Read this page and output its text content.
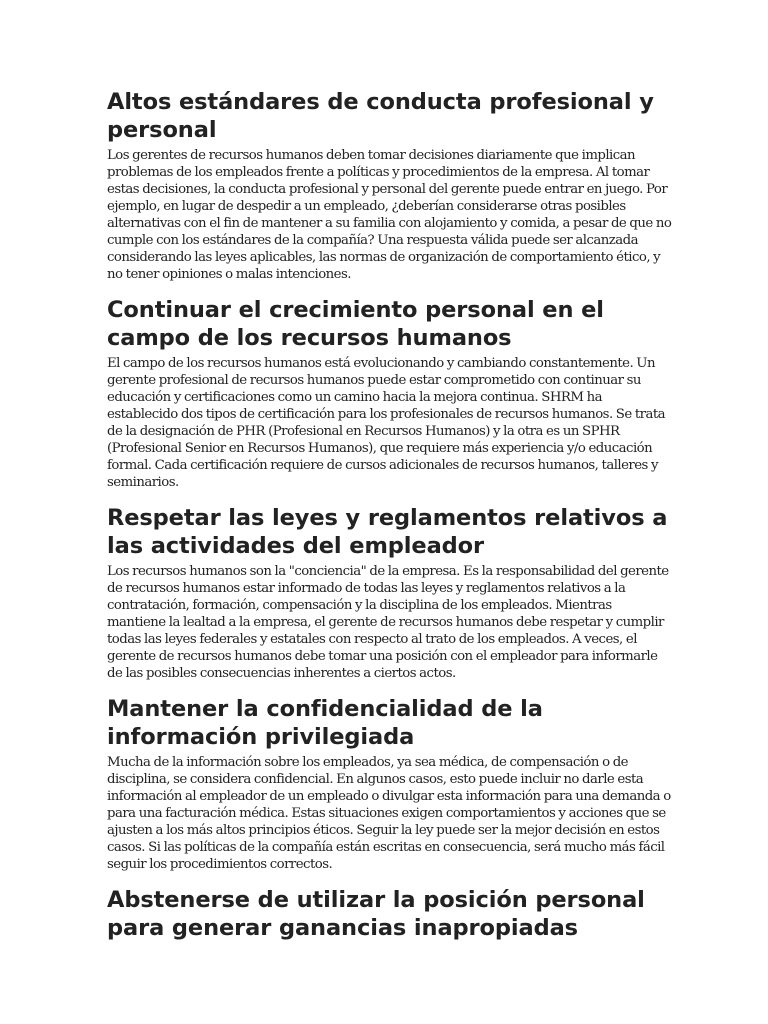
Altos estándares de conducta profesional y personal

Los gerentes de recursos humanos deben tomar decisiones diariamente que implican problemas de los empleados frente a políticas y procedimientos de la empresa. Al tomar estas decisiones, la conducta profesional y personal del gerente puede entrar en juego. Por ejemplo, en lugar de despedir a un empleado, ¿deberían considerarse otras posibles alternativas con el fin de mantener a su familia con alojamiento y comida, a pesar de que no cumple con los estándares de la compañía? Una respuesta válida puede ser alcanzada considerando las leyes aplicables, las normas de organización de comportamiento ético, y no tener opiniones o malas intenciones.

Continuar el crecimiento personal en el campo de los recursos humanos

El campo de los recursos humanos está evolucionando y cambiando constantemente. Un gerente profesional de recursos humanos puede estar comprometido con continuar su educación y certificaciones como un camino hacia la mejora continua. SHRM ha establecido dos tipos de certificación para los profesionales de recursos humanos. Se trata de la designación de PHR (Profesional en Recursos Humanos) y la otra es un SPHR (Profesional Senior en Recursos Humanos), que requiere más experiencia y/o educación formal. Cada certificación requiere de cursos adicionales de recursos humanos, talleres y seminarios.

Respetar las leyes y reglamentos relativos a las actividades del empleador

Los recursos humanos son la "conciencia" de la empresa. Es la responsabilidad del gerente de recursos humanos estar informado de todas las leyes y reglamentos relativos a la contratación, formación, compensación y la disciplina de los empleados. Mientras mantiene la lealtad a la empresa, el gerente de recursos humanos debe respetar y cumplir todas las leyes federales y estatales con respecto al trato de los empleados. A veces, el gerente de recursos humanos debe tomar una posición con el empleador para informarle de las posibles consecuencias inherentes a ciertos actos.

Mantener la confidencialidad de la información privilegiada

Mucha de la información sobre los empleados, ya sea médica, de compensación o de disciplina, se considera confidencial. En algunos casos, esto puede incluir no darle esta información al empleador de un empleado o divulgar esta información para una demanda o para una facturación médica. Estas situaciones exigen comportamientos y acciones que se ajusten a los más altos principios éticos. Seguir la ley puede ser la mejor decisión en estos casos. Si las políticas de la compañía están escritas en consecuencia, será mucho más fácil seguir los procedimientos correctos.

Abstenerse de utilizar la posición personal para generar ganancias inapropiadas
